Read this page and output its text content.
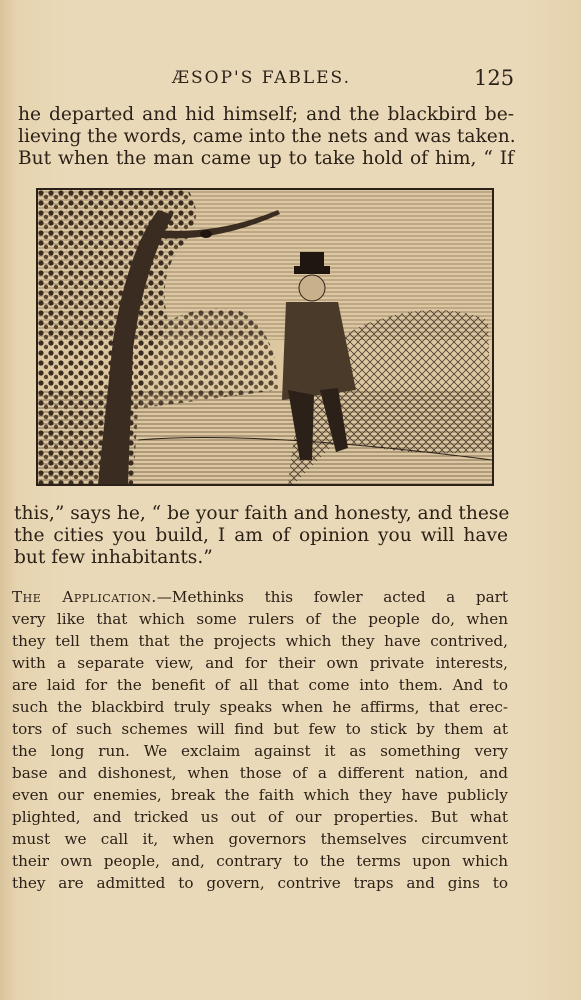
ÆSOP'S FABLES.	125
he departed and hid himself; and the blackbird be-
lieving the words, came into the nets and was taken.
But when the man came up to take hold of him, “ If
this,” says he, “ be your faith and honesty, and these
the cities you build, I am of opinion you will have
but few inhabitants.”
The Application.—Methinks this fowler acted a part
very like that which some rulers of the people do, when
they tell them that the projects which they have contrived,
with a separate view, and for their own private interests,
are laid for the benefit of all that come into them. And to
such the blackbird truly speaks when he affirms, that erec-
tors of such schemes will find but few to stick by them at
the long run. We exclaim against it as something very
base and dishonest, when those of a different nation, and
even our enemies, break the faith which they have publicly
plighted, and tricked us out of our properties. But what
must we call it, when governors themselves circumvent
their own people, and, contrary to the terms upon which
they are admitted to govern, contrive traps and gins to
